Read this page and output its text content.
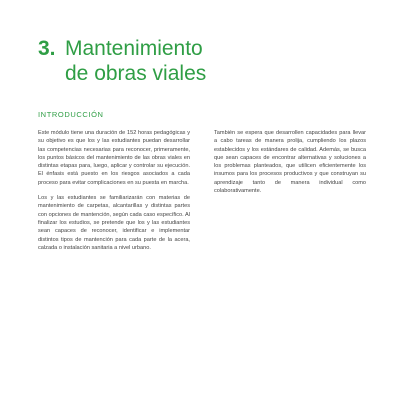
3. Mantenimiento
de obras viales
INTRODUCCIÓN

Este módulo tiene una duración de 152 horas pedagógicas y su objetivo es que los y las estudiantes puedan desarrollar las competencias necesarias para reconocer, primeramente, los puntos básicos del mantenimiento de las obras viales en distintas etapas para, luego, aplicar y controlar su ejecución. El énfasis está puesto en los riesgos asociados a cada proceso para evitar complicaciones en su puesta en marcha.

Los y las estudiantes se familiarizarán con materias de mantenimiento de carpetas, alcantarillas y distintas partes con opciones de mantención, según cada caso específico. Al finalizar los estudios, se pretende que los y las estudiantes sean capaces de reconocer, identificar e implementar distintos tipos de mantención para cada parte de la acera, calzada o instalación sanitaria a nivel urbano.

También se espera que desarrollen capacidades para llevar a cabo tareas de manera prolija, cumpliendo los plazos establecidos y los estándares de calidad. Además, se busca que sean capaces de encontrar alternativas y soluciones a los problemas planteados, que utilicen eficientemente los insumos para los procesos productivos y que construyan su aprendizaje tanto de manera individual como colaborativamente.
